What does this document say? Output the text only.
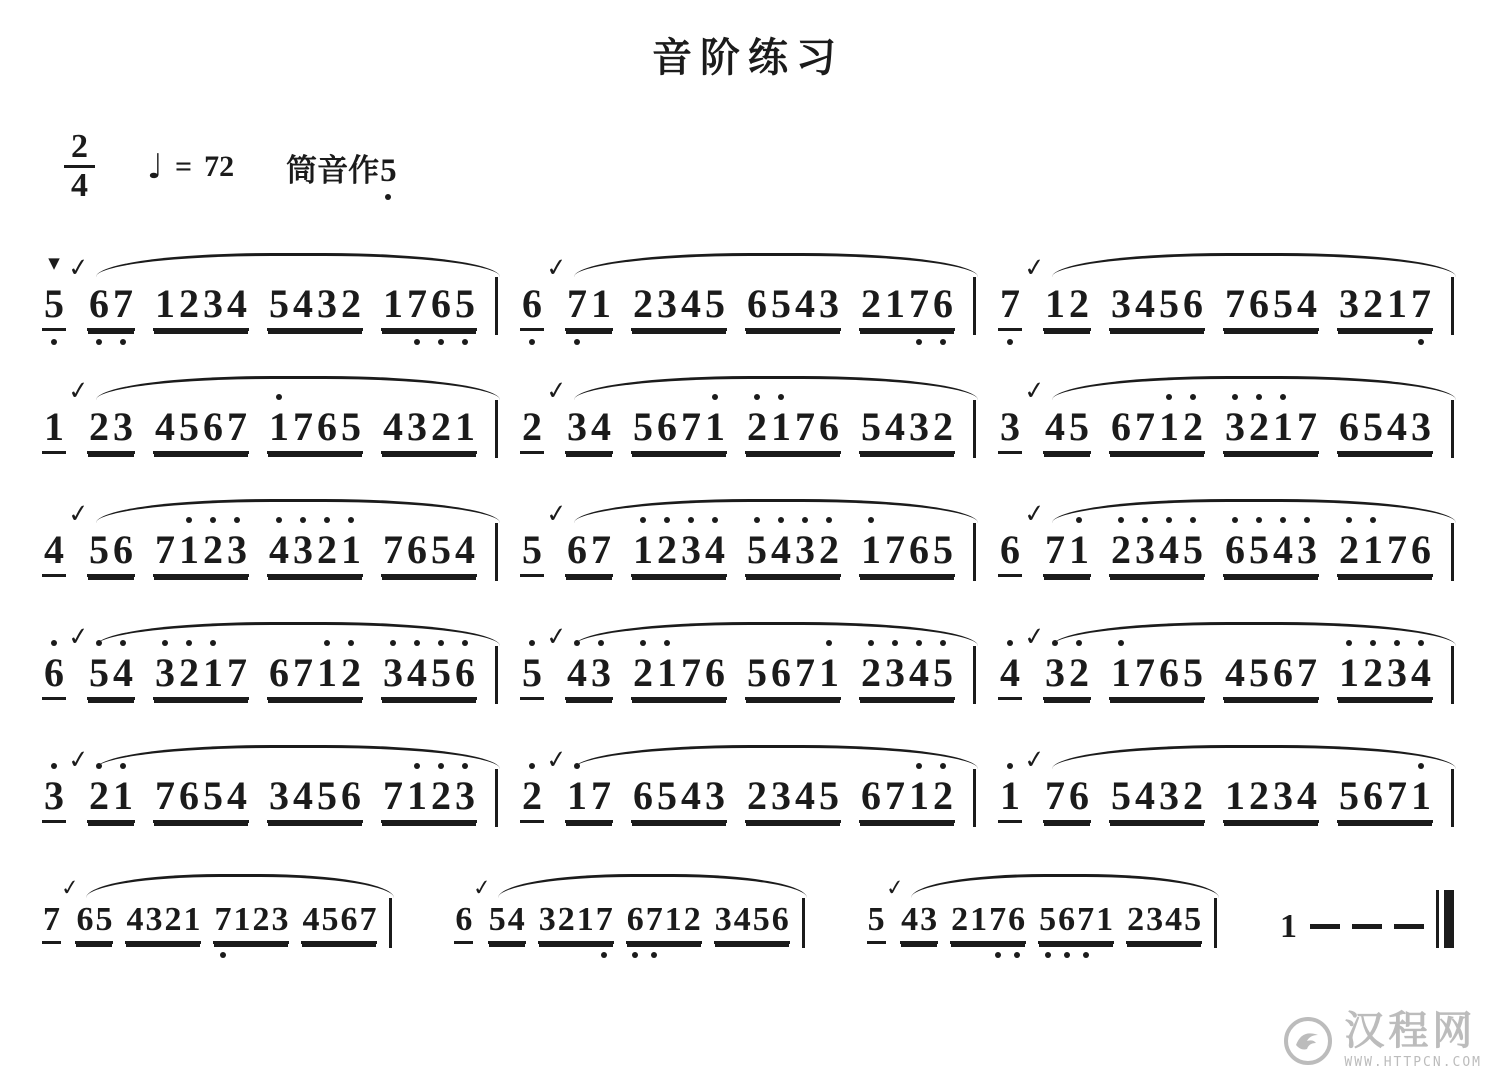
音阶练习
$\frac{2}{4}$ ♩ = 72 筒音作 5
▼
5
✓
6 7 1 2 3 4 5 4 3 2 1 7 6 5 6
✓
7 1 2 3 4 5 6 5 4 3 2 1 7 6 7
✓
1 2 3 4 5 6 7 6 5 4 3 2 1 7
1
✓
2 3 4 5 6 7 1 7 6 5 4 3 2 1 2
✓
3 4 5 6 7 1 2 1 7 6 5 4 3 2 3
✓
4 5 6 7 1 2 3 2 1 7 6 5 4 3
4
✓
5 6 7 1 2 3 4 3 2 1 7 6 5 4 5
✓
6 7 1 2 3 4 5 4 3 2 1 7 6 5 6
✓
7 1 2 3 4 5 6 5 4 3 2 1 7 6
6
✓
5 4 3 2 1 7 6 7 1 2 3 4 5 6 5
✓
4 3 2 1 7 6 5 6 7 1 2 3 4 5 4
✓
3 2 1 7 6 5 4 5 6 7 1 2 3 4
3
✓
2 1 7 6 5 4 3 4 5 6 7 1 2 3 2
✓
1 7 6 5 4 3 2 3 4 5 6 7 1 2 1
✓
7 6 5 4 3 2 1 2 3 4 5 6 7 1
7
✓
6 5 4 3 2 1 7 1 2 3 4 5 6 7 6
✓
5 4 3 2 1 7 6 7 1 2 3 4 5 6 5
✓
4 3 2 1 7 6 5 6 7 1 2 3 4 5 1
汉程网
WWW.HTTPCN.COM
